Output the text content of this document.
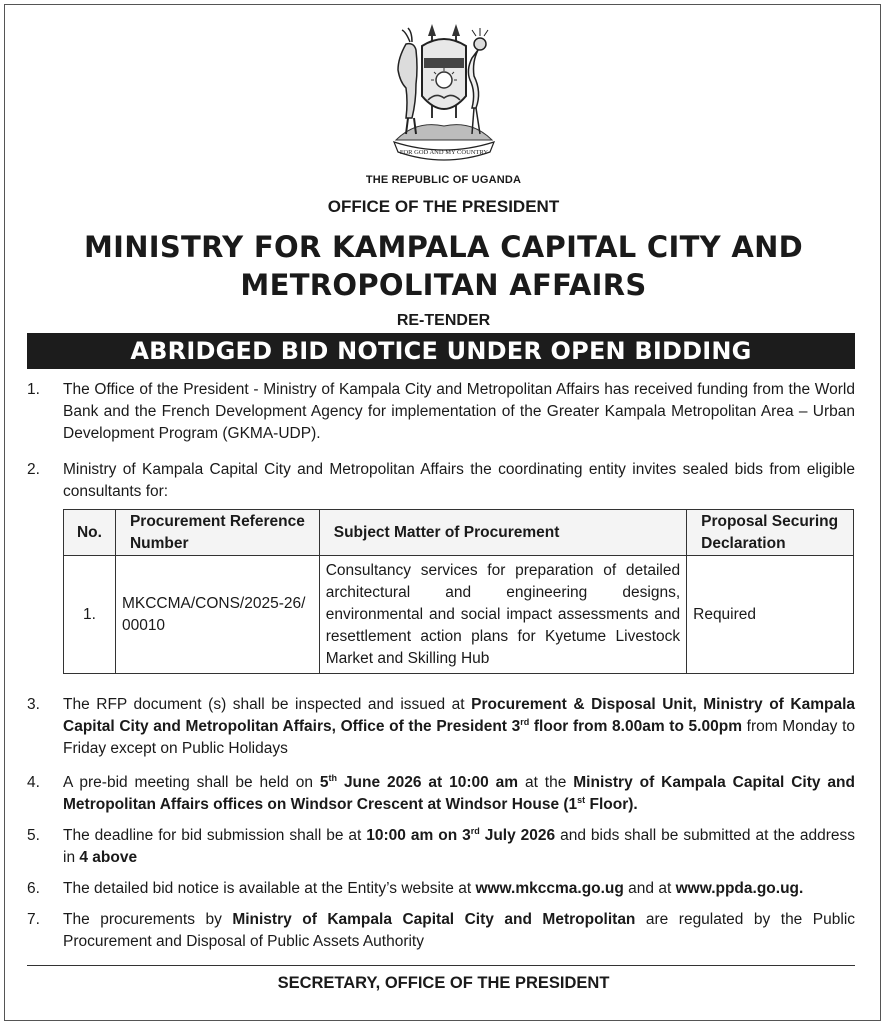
FOR GOD AND MY COUNTRY
THE REPUBLIC OF UGANDA
OFFICE OF THE PRESIDENT
MINISTRY FOR KAMPALA CAPITAL CITY AND
METROPOLITAN AFFAIRS
RE-TENDER
ABRIDGED BID NOTICE UNDER OPEN BIDDING
1. The Office of the President - Ministry of Kampala City and Metropolitan Affairs has received funding from the World Bank and the French Development Agency for implementation of the Greater Kampala Metropolitan Area – Urban Development Program (GKMA-UDP).
2. Ministry of Kampala Capital City and Metropolitan Affairs the coordinating entity invites sealed bids from eligible consultants for:
No.	Procurement Reference Number	Subject Matter of Procurement	Proposal Securing Declaration
1.	MKCCMA/CONS/2025-26/00010	Consultancy services for preparation of detailed architectural and engineering designs, environmental and social impact assessments and resettlement action plans for Kyetume Livestock Market and Skilling Hub	Required
3. The RFP document (s) shall be inspected and issued at Procurement & Disposal Unit, Ministry of Kampala Capital City and Metropolitan Affairs, Office of the President 3rd floor from 8.00am to 5.00pm from Monday to Friday except on Public Holidays
4. A pre-bid meeting shall be held on 5th June 2026 at 10:00 am at the Ministry of Kampala Capital City and Metropolitan Affairs offices on Windsor Crescent at Windsor House (1st Floor).
5. The deadline for bid submission shall be at 10:00 am on 3rd July 2026 and bids shall be submitted at the address in 4 above
6. The detailed bid notice is available at the Entity’s website at www.mkccma.go.ug and at www.ppda.go.ug.
7. The procurements by Ministry of Kampala Capital City and Metropolitan are regulated by the Public Procurement and Disposal of Public Assets Authority
SECRETARY, OFFICE OF THE PRESIDENT
